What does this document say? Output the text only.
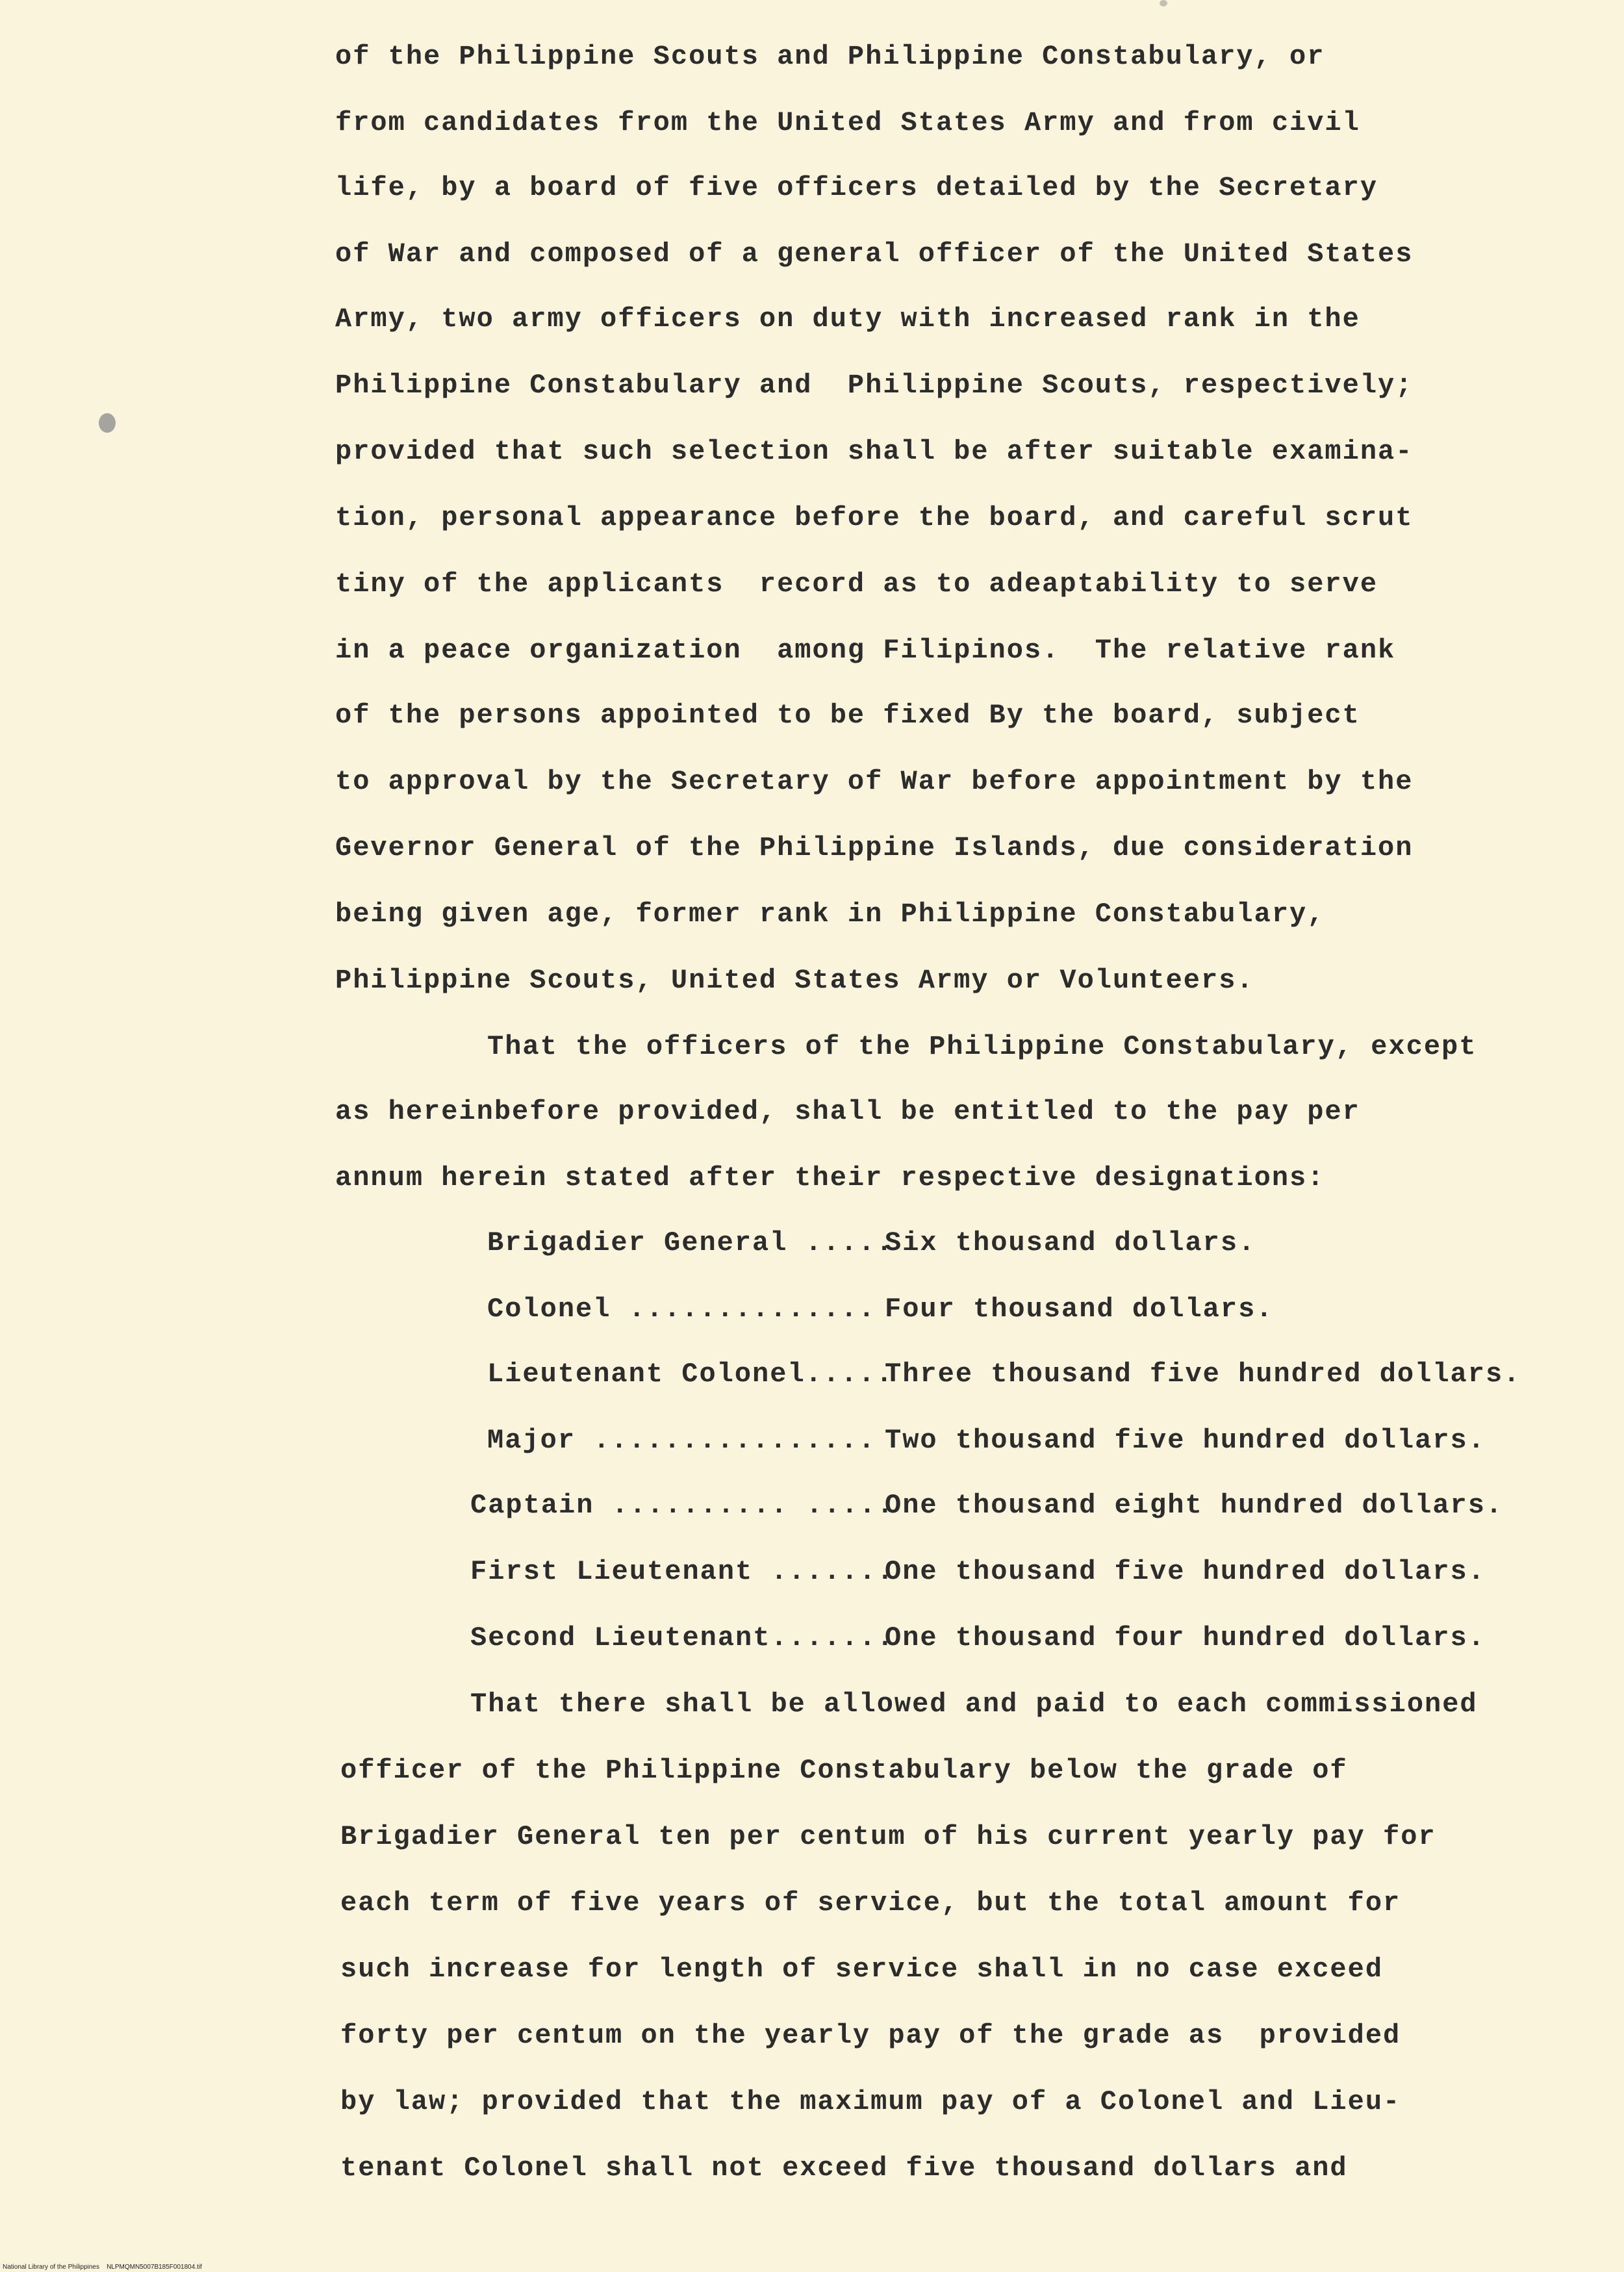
of the Philippine Scouts and Philippine Constabulary, or
from candidates from the United States Army and from civil
life, by a board of five officers detailed by the Secretary
of War and composed of a general officer of the United States
Army, two army officers on duty with increased rank in the
Philippine Constabulary and  Philippine Scouts, respectively;
provided that such selection shall be after suitable examina-
tion, personal appearance before the board, and careful scrut
tiny of the applicants  record as to adeaptability to serve
in a peace organization  among Filipinos.  The relative rank
of the persons appointed to be fixed By the board, subject
to approval by the Secretary of War before appointment by the
Gevernor General of the Philippine Islands, due consideration
being given age, former rank in Philippine Constabulary,
Philippine Scouts, United States Army or Volunteers.
That the officers of the Philippine Constabulary, except
as hereinbefore provided, shall be entitled to the pay per
annum herein stated after their respective designations:
Brigadier General .....
Six thousand dollars.
Colonel .............. Four thousand dollars.
Lieutenant Colonel.....
Three thousand five hundred dollars.
Major ................ Two thousand five hundred dollars.
Captain .......... .....
One thousand eight hundred dollars.
First Lieutenant .......
One thousand five hundred dollars.
Second Lieutenant.......
One thousand four hundred dollars.
That there shall be allowed and paid to each commissioned
officer of the Philippine Constabulary below the grade of
Brigadier General ten per centum of his current yearly pay for
each term of five years of service, but the total amount for
such increase for length of service shall in no case exceed
forty per centum on the yearly pay of the grade as  provided
by law; provided that the maximum pay of a Colonel and Lieu-
tenant Colonel shall not exceed five thousand dollars and
National Library of the Philippines    NLPMQMN5007B185F001804.tif
